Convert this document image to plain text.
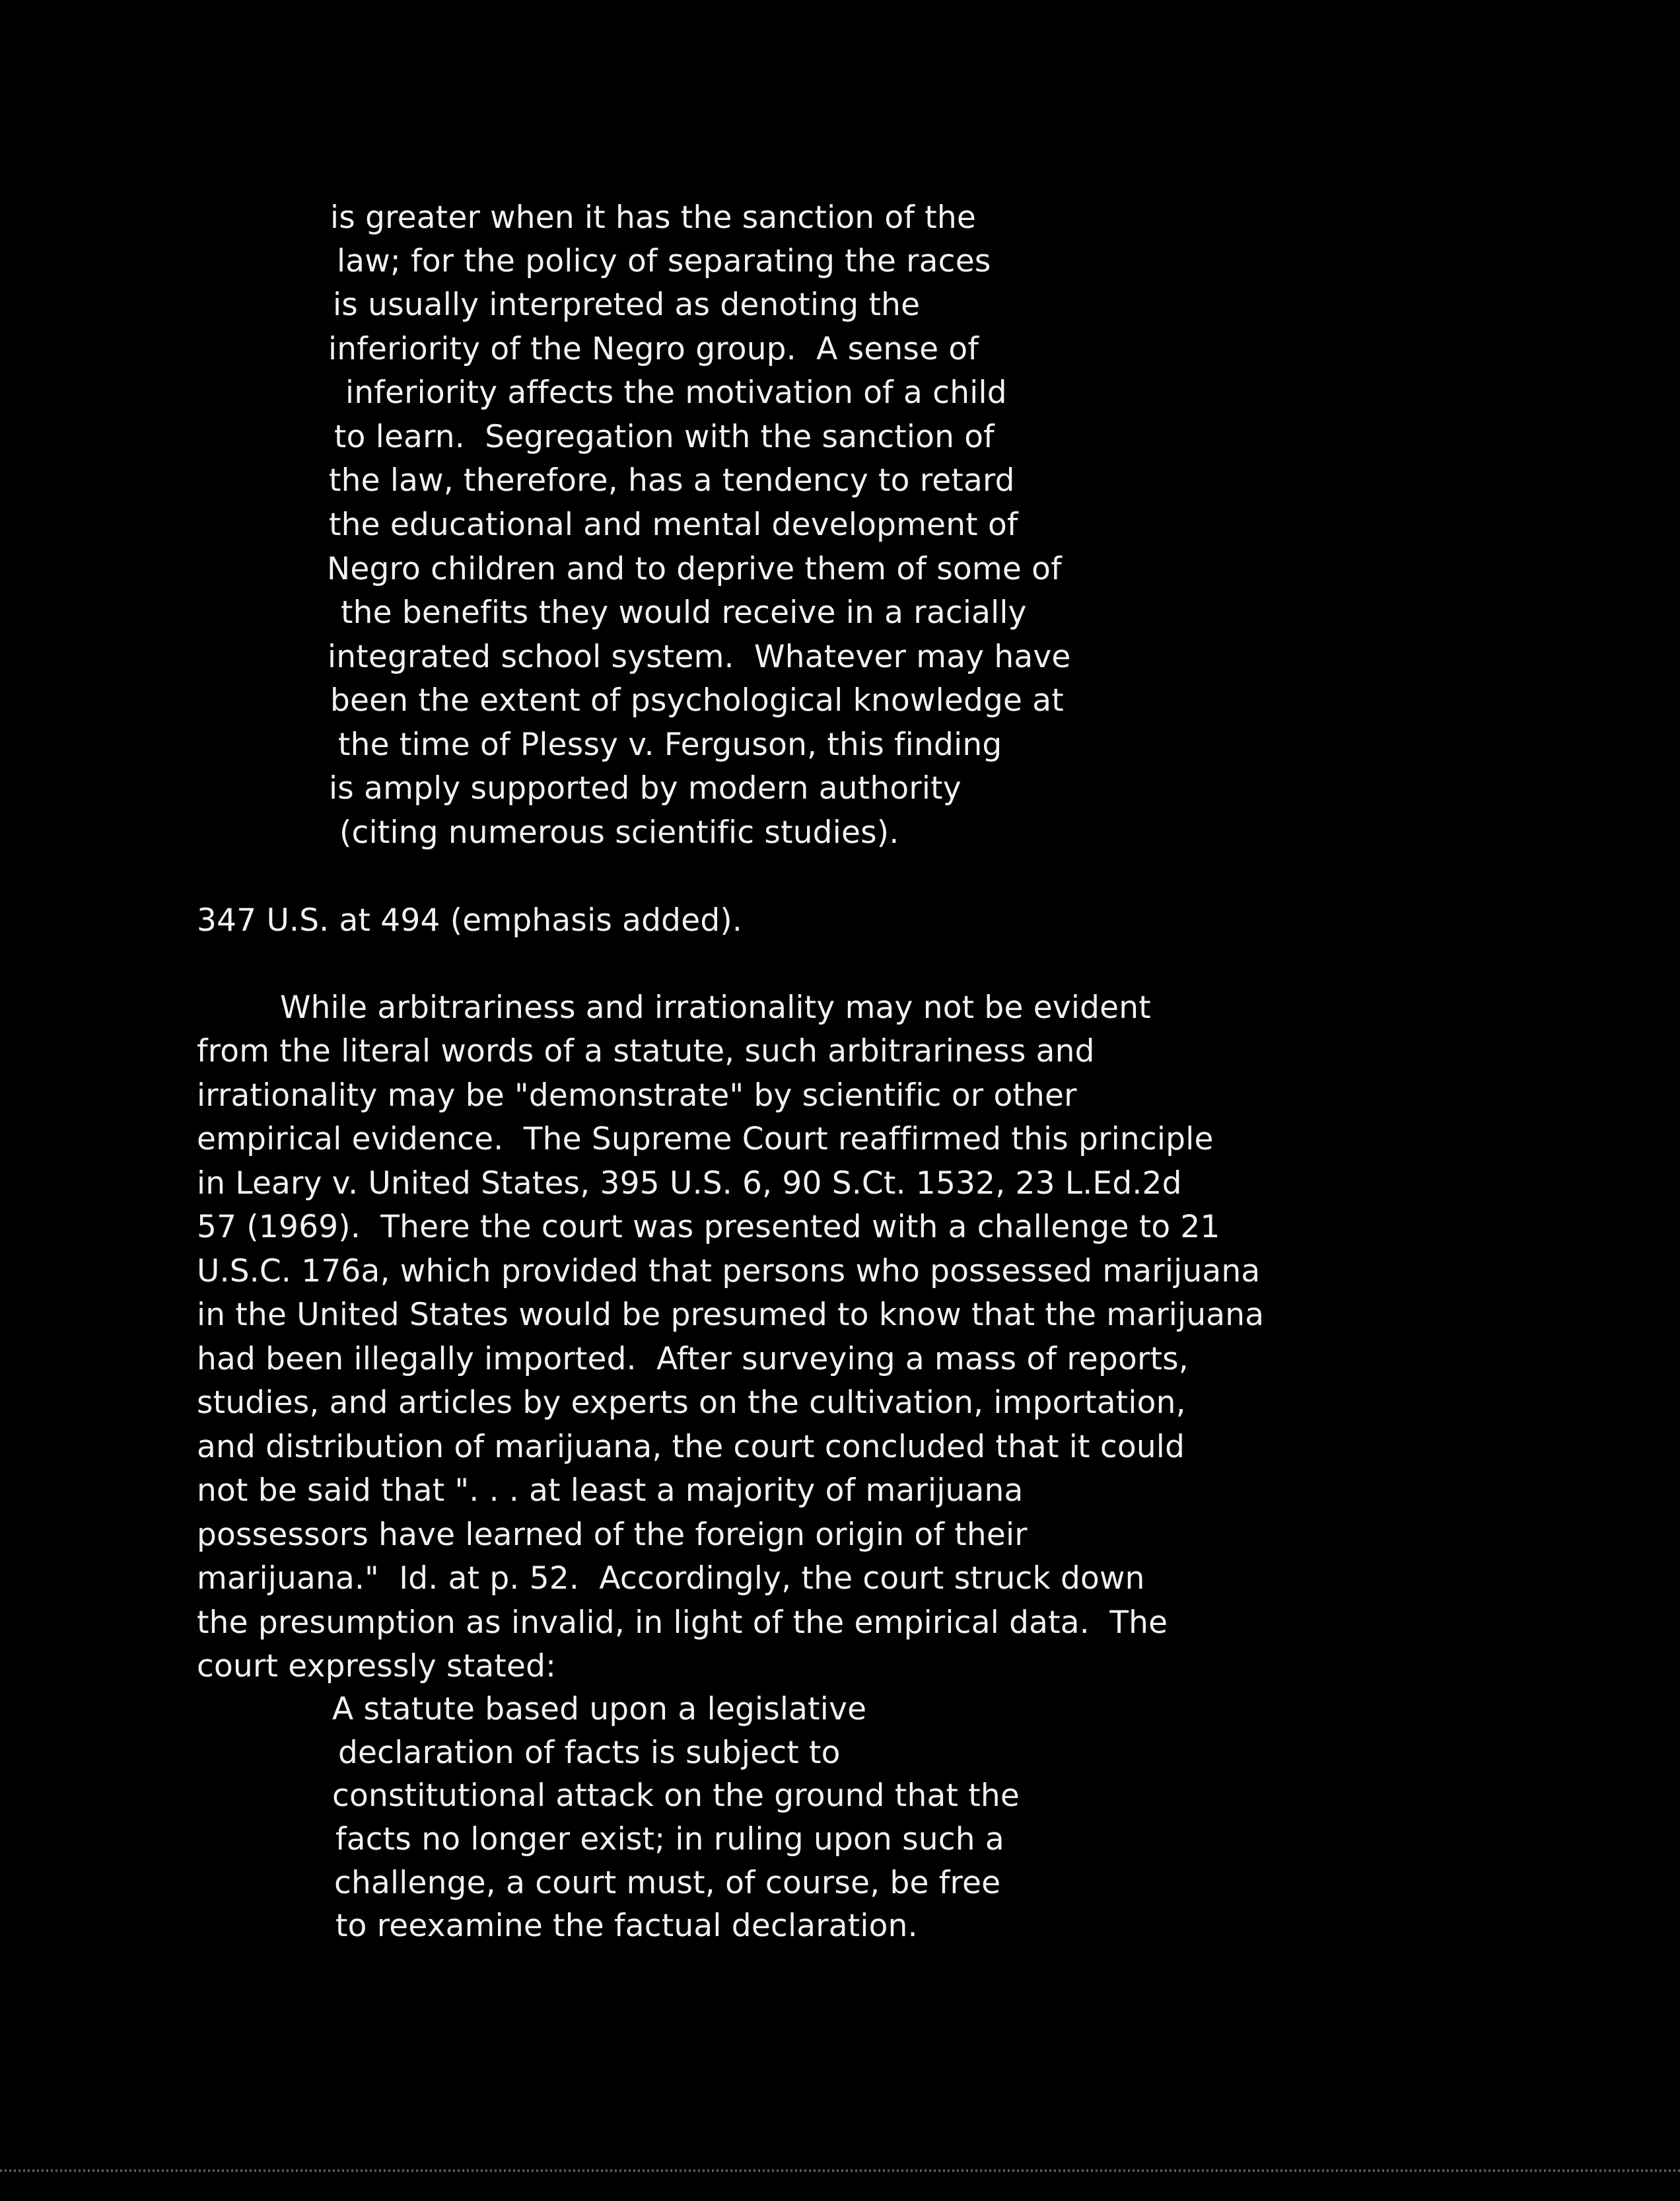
is greater when it has the sanction of the
law; for the policy of separating the races
is usually interpreted as denoting the
inferiority of the Negro group.  A sense of
inferiority affects the motivation of a child
to learn.  Segregation with the sanction of
the law, therefore, has a tendency to retard
the educational and mental development of
Negro children and to deprive them of some of
the benefits they would receive in a racially
integrated school system.  Whatever may have
been the extent of psychological knowledge at
the time of Plessy v. Ferguson, this finding
is amply supported by modern authority
(citing numerous scientific studies).
347 U.S. at 494 (emphasis added).
While arbitrariness and irrationality may not be evident
from the literal words of a statute, such arbitrariness and
irrationality may be "demonstrate" by scientific or other
empirical evidence.  The Supreme Court reaffirmed this principle
in Leary v. United States, 395 U.S. 6, 90 S.Ct. 1532, 23 L.Ed.2d
57 (1969).  There the court was presented with a challenge to 21
U.S.C. 176a, which provided that persons who possessed marijuana
in the United States would be presumed to know that the marijuana
had been illegally imported.  After surveying a mass of reports,
studies, and articles by experts on the cultivation, importation,
and distribution of marijuana, the court concluded that it could
not be said that ". . . at least a majority of marijuana
possessors have learned of the foreign origin of their
marijuana."  Id. at p. 52.  Accordingly, the court struck down
the presumption as invalid, in light of the empirical data.  The
court expressly stated:
A statute based upon a legislative
declaration of facts is subject to
constitutional attack on the ground that the
facts no longer exist; in ruling upon such a
challenge, a court must, of course, be free
to reexamine the factual declaration.
